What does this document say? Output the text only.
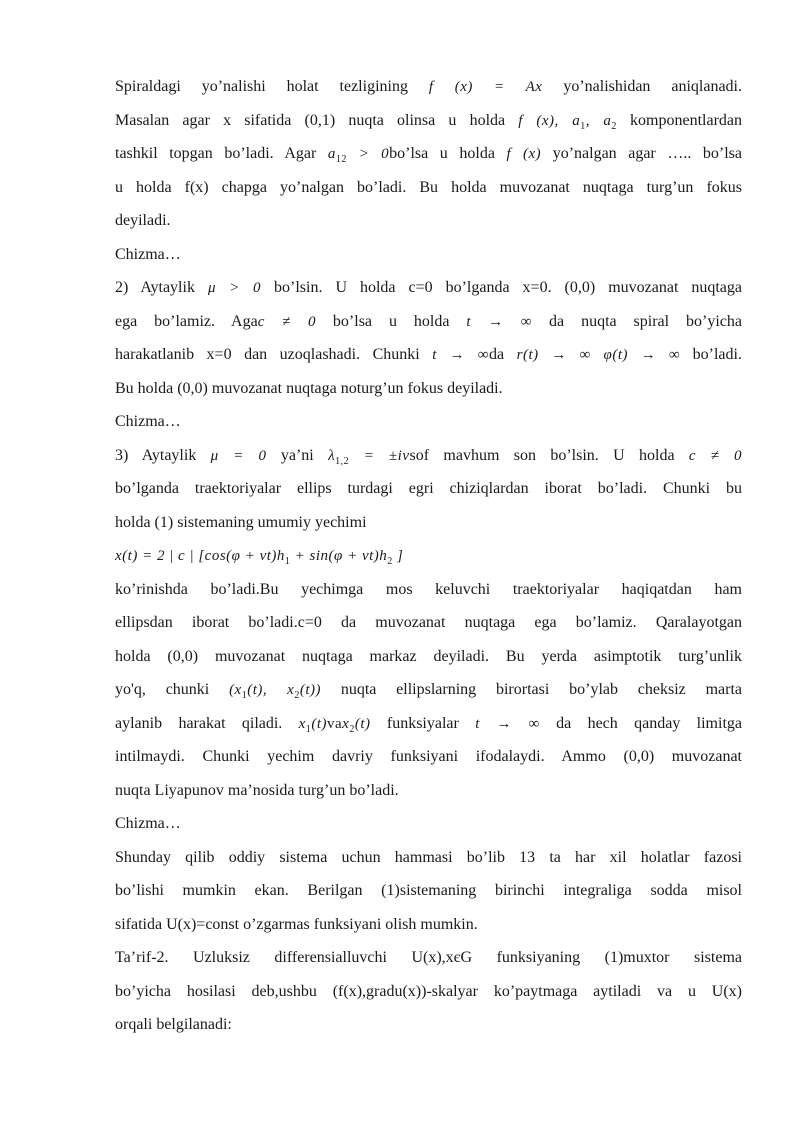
Spiraldagi yo’nalishi holat tezligining f (x) = Ax yo’nalishidan aniqlanadi.
Masalan agar x sifatida (0,1) nuqta olinsa u holda f (x), $a_1$, $a_2$ komponentlardan
tashkil topgan bo’ladi. Agar $a_{12}$ > 0bo’lsa u holda f (x) yo’nalgan agar ….. bo’lsa
u holda f(x) chapga yo’nalgan bo’ladi. Bu holda muvozanat nuqtaga turg’un fokus
deyiladi.
Chizma…
2) Aytaylik μ > 0 bo’lsin. U holda c=0 bo’lganda x=0. (0,0) muvozanat nuqtaga
ega bo’lamiz. Agac ≠ 0 bo’lsa u holda t → ∞ da nuqta spiral bo’yicha
harakatlanib x=0 dan uzoqlashadi. Chunki t → ∞da r(t) → ∞ φ(t) → ∞ bo’ladi.
Bu holda (0,0) muvozanat nuqtaga noturg’un fokus deyiladi.
Chizma…
3) Aytaylik μ = 0 ya’ni $\lambda_{1,2} = \pm i\nu sof$ mavhum son bo’lsin. U holda c ≠ 0
bo’lganda traektoriyalar ellips turdagi egri chiziqlardan iborat bo’ladi. Chunki bu
holda (1) sistemaning umumiy yechimi
x(t) = 2 | c | [$\cos(\varphi + \nu t)h_1 + \sin(\varphi + \nu t)h_2$ ]
ko’rinishda bo’ladi.Bu yechimga mos keluvchi traektoriyalar haqiqatdan ham
ellipsdan iborat bo’ladi.c=0 da muvozanat nuqtaga ega bo’lamiz. Qaralayotgan
holda (0,0) muvozanat nuqtaga markaz deyiladi. Bu yerda asimptotik turg’unlik
yo'q, chunki ($x_1(t)$, $x_2(t)$) nuqta ellipslarning birortasi bo’ylab cheksiz marta
aylanib harakat qiladi. $x_1(t)vax_2(t)$ funksiyalar t → ∞ da hech qanday limitga
intilmaydi. Chunki yechim davriy funksiyani ifodalaydi. Ammo (0,0) muvozanat
nuqta Liyapunov ma’nosida turg’un bo’ladi.
Chizma…
Shunday qilib oddiy sistema uchun hammasi bo’lib 13 ta har xil holatlar fazosi
bo’lishi mumkin ekan. Berilgan (1)sistemaning birinchi integraliga sodda misol
sifatida U(x)=const o’zgarmas funksiyani olish mumkin.
Ta’rif-2. Uzluksiz differensialluvchi U(x),xєG funksiyaning (1)muxtor sistema
bo’yicha hosilasi deb,ushbu (f(x),gradu(x))-skalyar ko’paytmaga aytiladi va u U(x)
orqali belgilanadi:
